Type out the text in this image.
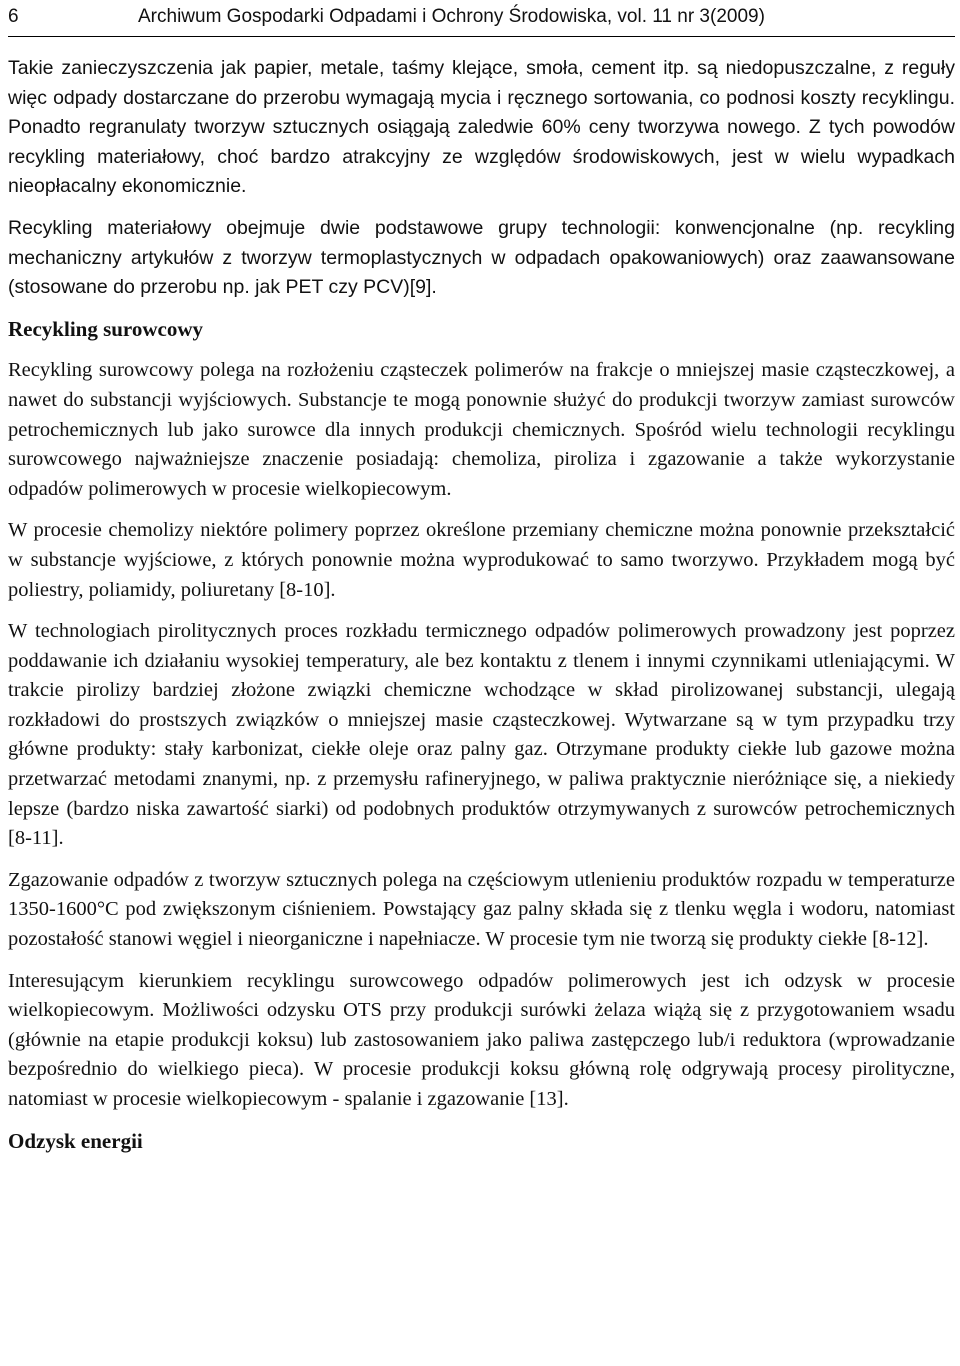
6	Archiwum Gospodarki Odpadami i Ochrony Środowiska, vol. 11 nr 3(2009)

Takie zanieczyszczenia jak papier, metale, taśmy klejące, smoła, cement itp. są niedopuszczalne, z reguły więc odpady dostarczane do przerobu wymagają mycia i ręcznego sortowania, co podnosi koszty recyklingu. Ponadto regranulaty tworzyw sztucznych osiągają zaledwie 60% ceny tworzywa nowego. Z tych powodów recykling materiałowy, choć bardzo atrakcyjny ze względów środowiskowych, jest w wielu wypadkach nieopłacalny ekonomicznie.

Recykling materiałowy obejmuje dwie podstawowe grupy technologii: konwencjonalne (np. recykling mechaniczny artykułów z tworzyw termoplastycznych w odpadach opakowaniowych) oraz zaawansowane (stosowane do przerobu np. jak PET czy PCV)[9].

Recykling surowcowy

Recykling surowcowy polega na rozłożeniu cząsteczek polimerów na frakcje o mniejszej masie cząsteczkowej, a nawet do substancji wyjściowych. Substancje te mogą ponownie służyć do produkcji tworzyw zamiast surowców petrochemicznych lub jako surowce dla innych produkcji chemicznych. Spośród wielu technologii recyklingu surowcowego najważniejsze znaczenie posiadają: chemoliza, piroliza i zgazowanie a także wykorzystanie odpadów polimerowych w procesie wielkopiecowym.

W procesie chemolizy niektóre polimery poprzez określone przemiany chemiczne można ponownie przekształcić w substancje wyjściowe, z których ponownie można wyprodukować to samo tworzywo. Przykładem mogą być poliestry, poliamidy, poliuretany [8-10].

W technologiach pirolitycznych proces rozkładu termicznego odpadów polimerowych prowadzony jest poprzez poddawanie ich działaniu wysokiej temperatury, ale bez kontaktu z tlenem i innymi czynnikami utleniającymi. W trakcie pirolizy bardziej złożone związki chemiczne wchodzące w skład pirolizowanej substancji, ulegają rozkładowi do prostszych związków o mniejszej masie cząsteczkowej. Wytwarzane są w tym przypadku trzy główne produkty: stały karbonizat, ciekłe oleje oraz palny gaz. Otrzymane produkty ciekłe lub gazowe można przetwarzać metodami znanymi, np. z przemysłu rafineryjnego, w paliwa praktycznie nieróżniące się, a niekiedy lepsze (bardzo niska zawartość siarki) od podobnych produktów otrzymywanych z surowców petrochemicznych [8-11].

Zgazowanie odpadów z tworzyw sztucznych polega na częściowym utlenieniu produktów rozpadu w temperaturze 1350-1600°C pod zwiększonym ciśnieniem. Powstający gaz palny składa się z tlenku węgla i wodoru, natomiast pozostałość stanowi węgiel i nieorganiczne i napełniacze. W procesie tym nie tworzą się produkty ciekłe [8-12].

Interesującym kierunkiem recyklingu surowcowego odpadów polimerowych jest ich odzysk w procesie wielkopiecowym. Możliwości odzysku OTS przy produkcji surówki żelaza wiążą się z przygotowaniem wsadu (głównie na etapie produkcji koksu) lub zastosowaniem jako paliwa zastępczego lub/i reduktora (wprowadzanie bezpośrednio do wielkiego pieca). W procesie produkcji koksu główną rolę odgrywają procesy pirolityczne, natomiast w procesie wielkopiecowym - spalanie i zgazowanie [13].

Odzysk energii
